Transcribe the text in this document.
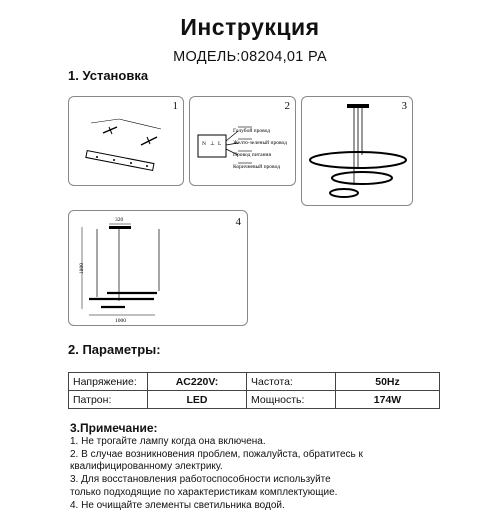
Инструкция
МОДЕЛЬ:08204,01 РА
1. Установка
1	2
N ⊥ L
Голубой провод
Желто-зеленый провод
Провод питания
Коричневый провод
3
4
320
1800
1000
2. Параметры:
Напряжение:	AC220V:	Частота:	50Hz
Патрон:	LED	Мощность:	174W
3.Примечание:
1. Не трогайте лампу когда она включена.
2. В случае возникновения проблем, пожалуйста, обратитесь к
квалифицированному электрику.
3. Для восстановления работоспособности используйте
только подходящие по характеристикам комплектующие.
4. Не очищайте элементы светильника водой.
